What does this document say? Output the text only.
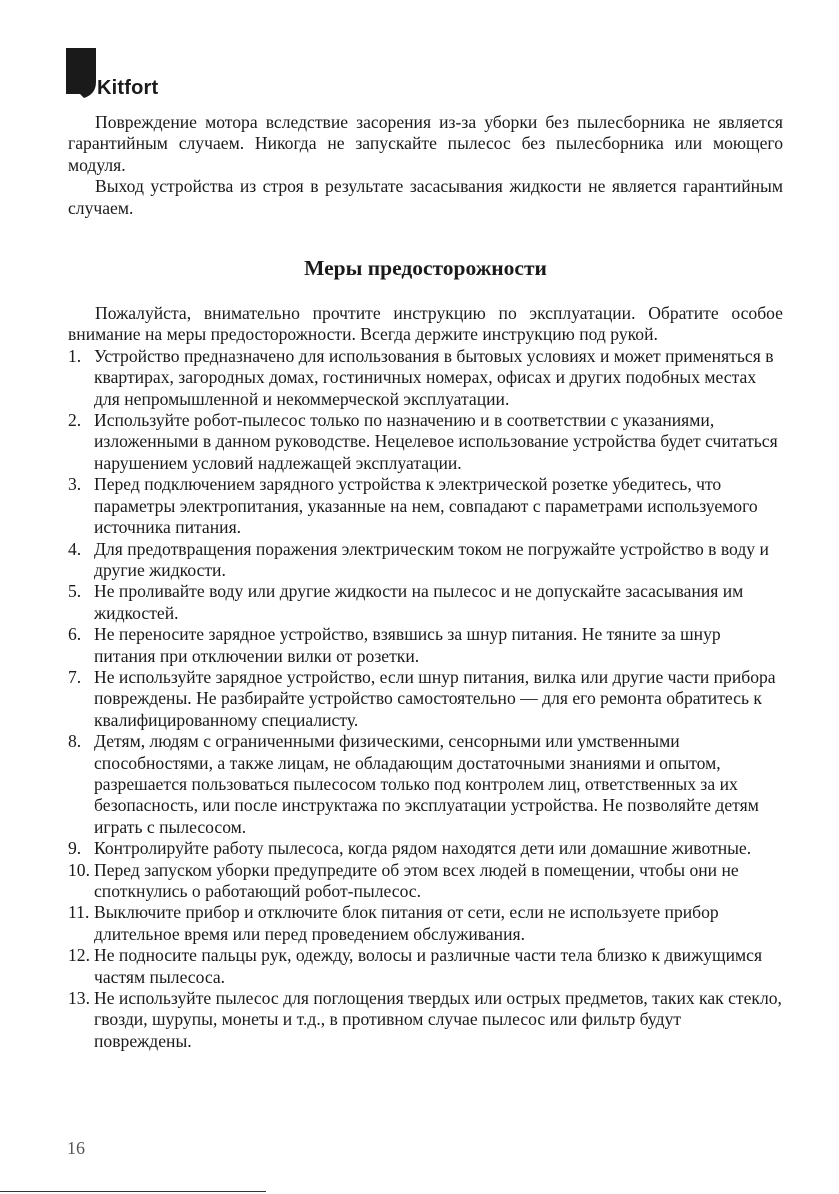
Kitfort

Повреждение мотора вследствие засорения из-за уборки без пылесборника не является гарантийным случаем. Никогда не запускайте пылесос без пылесборника или моющего модуля.

Выход устройства из строя в результате засасывания жидкости не является гарантийным случаем.

Меры предосторожности

Пожалуйста, внимательно прочтите инструкцию по эксплуатации. Обратите особое внимание на меры предосторожности. Всегда держите инструкцию под рукой.

1. Устройство предназначено для использования в бытовых условиях и может применяться в квартирах, загородных домах, гостиничных номерах, офисах и других подобных местах для непромышленной и некоммерческой эксплуатации.
2. Используйте робот-пылесос только по назначению и в соответствии с указаниями, изложенными в данном руководстве. Нецелевое использование устройства будет считаться нарушением условий надлежащей эксплуатации.
3. Перед подключением зарядного устройства к электрической розетке убедитесь, что параметры электропитания, указанные на нем, совпадают с параметрами используемого источника питания.
4. Для предотвращения поражения электрическим током не погружайте устройство в воду и другие жидкости.
5. Не проливайте воду или другие жидкости на пылесос и не допускайте засасывания им жидкостей.
6. Не переносите зарядное устройство, взявшись за шнур питания. Не тяните за шнур питания при отключении вилки от розетки.
7. Не используйте зарядное устройство, если шнур питания, вилка или другие части прибора повреждены. Не разбирайте устройство самостоятельно — для его ремонта обратитесь к квалифицированному специалисту.
8. Детям, людям с ограниченными физическими, сенсорными или умственными способностями, а также лицам, не обладающим достаточными знаниями и опытом, разрешается пользоваться пылесосом только под контролем лиц, ответственных за их безопасность, или после инструктажа по эксплуатации устройства. Не позволяйте детям играть с пылесосом.
9. Контролируйте работу пылесоса, когда рядом находятся дети или домашние животные.
10. Перед запуском уборки предупредите об этом всех людей в помещении, чтобы они не споткнулись о работающий робот-пылесос.
11. Выключите прибор и отключите блок питания от сети, если не используете прибор длительное время или перед проведением обслуживания.
12. Не подносите пальцы рук, одежду, волосы и различные части тела близко к движущимся частям пылесоса.
13. Не используйте пылесос для поглощения твердых или острых предметов, таких как стекло, гвозди, шурупы, монеты и т.д., в противном случае пылесос или фильтр будут повреждены.
16
